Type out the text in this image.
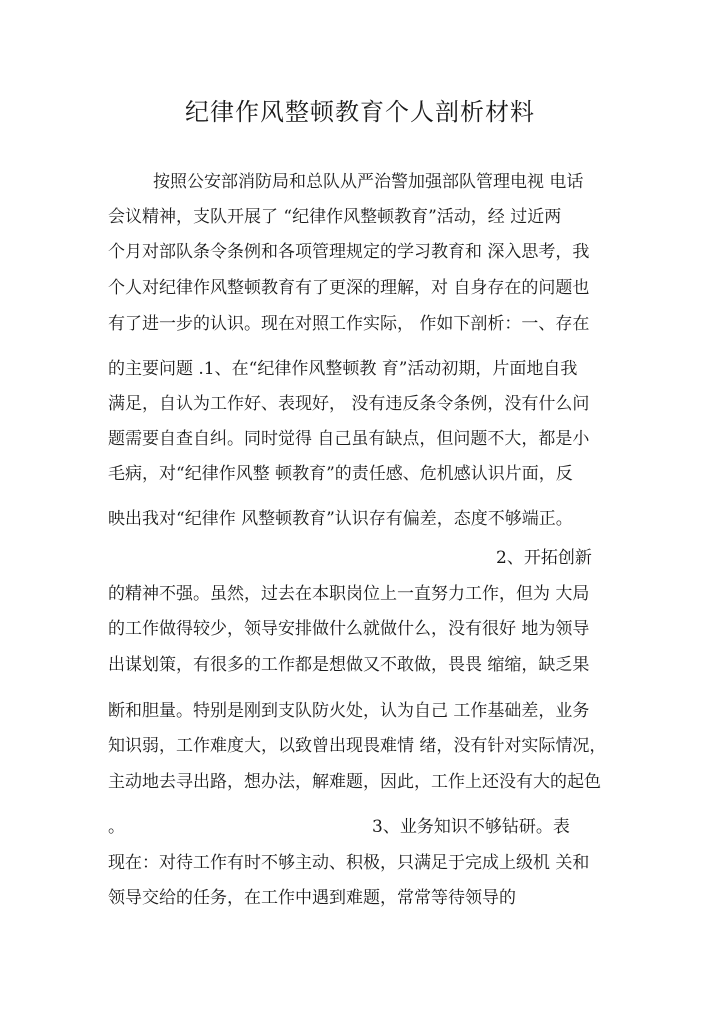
纪律作风整顿教育个人剖析材料
按照公安部消防局和总队从严治警加强部队管理电视 电话
会议精神，支队开展了 “纪律作风整顿教育”活动，经 过近两
个月对部队条令条例和各项管理规定的学习教育和 深入思考，我
个人对纪律作风整顿教育有了更深的理解，对 自身存在的问题也
有了进一步的认识。现在对照工作实际， 作如下剖析：一、存在
的主要问题 .1、在“纪律作风整顿教 育”活动初期，片面地自我
满足，自认为工作好、表现好， 没有违反条令条例，没有什么问
题需要自查自纠。同时觉得 自己虽有缺点，但问题不大，都是小
毛病，对“纪律作风整 顿教育”的责任感、危机感认识片面，反
映出我对“纪律作 风整顿教育”认识存有偏差，态度不够端正。
2、开拓创新
的精神不强。虽然，过去在本职岗位上一直努力工作，但为 大局
的工作做得较少，领导安排做什么就做什么，没有很好 地为领导
出谋划策，有很多的工作都是想做又不敢做，畏畏 缩缩，缺乏果
断和胆量。特别是刚到支队防火处，认为自己 工作基础差，业务
知识弱，工作难度大，以致曾出现畏难情 绪，没有针对实际情况，
主动地去寻出路，想办法，解难题，因此，工作上还没有大的起色
。	3、业务知识不够钻研。表
现在：对待工作有时不够主动、积极，只满足于完成上级机 关和
领导交给的任务，在工作中遇到难题，常常等待领导的
